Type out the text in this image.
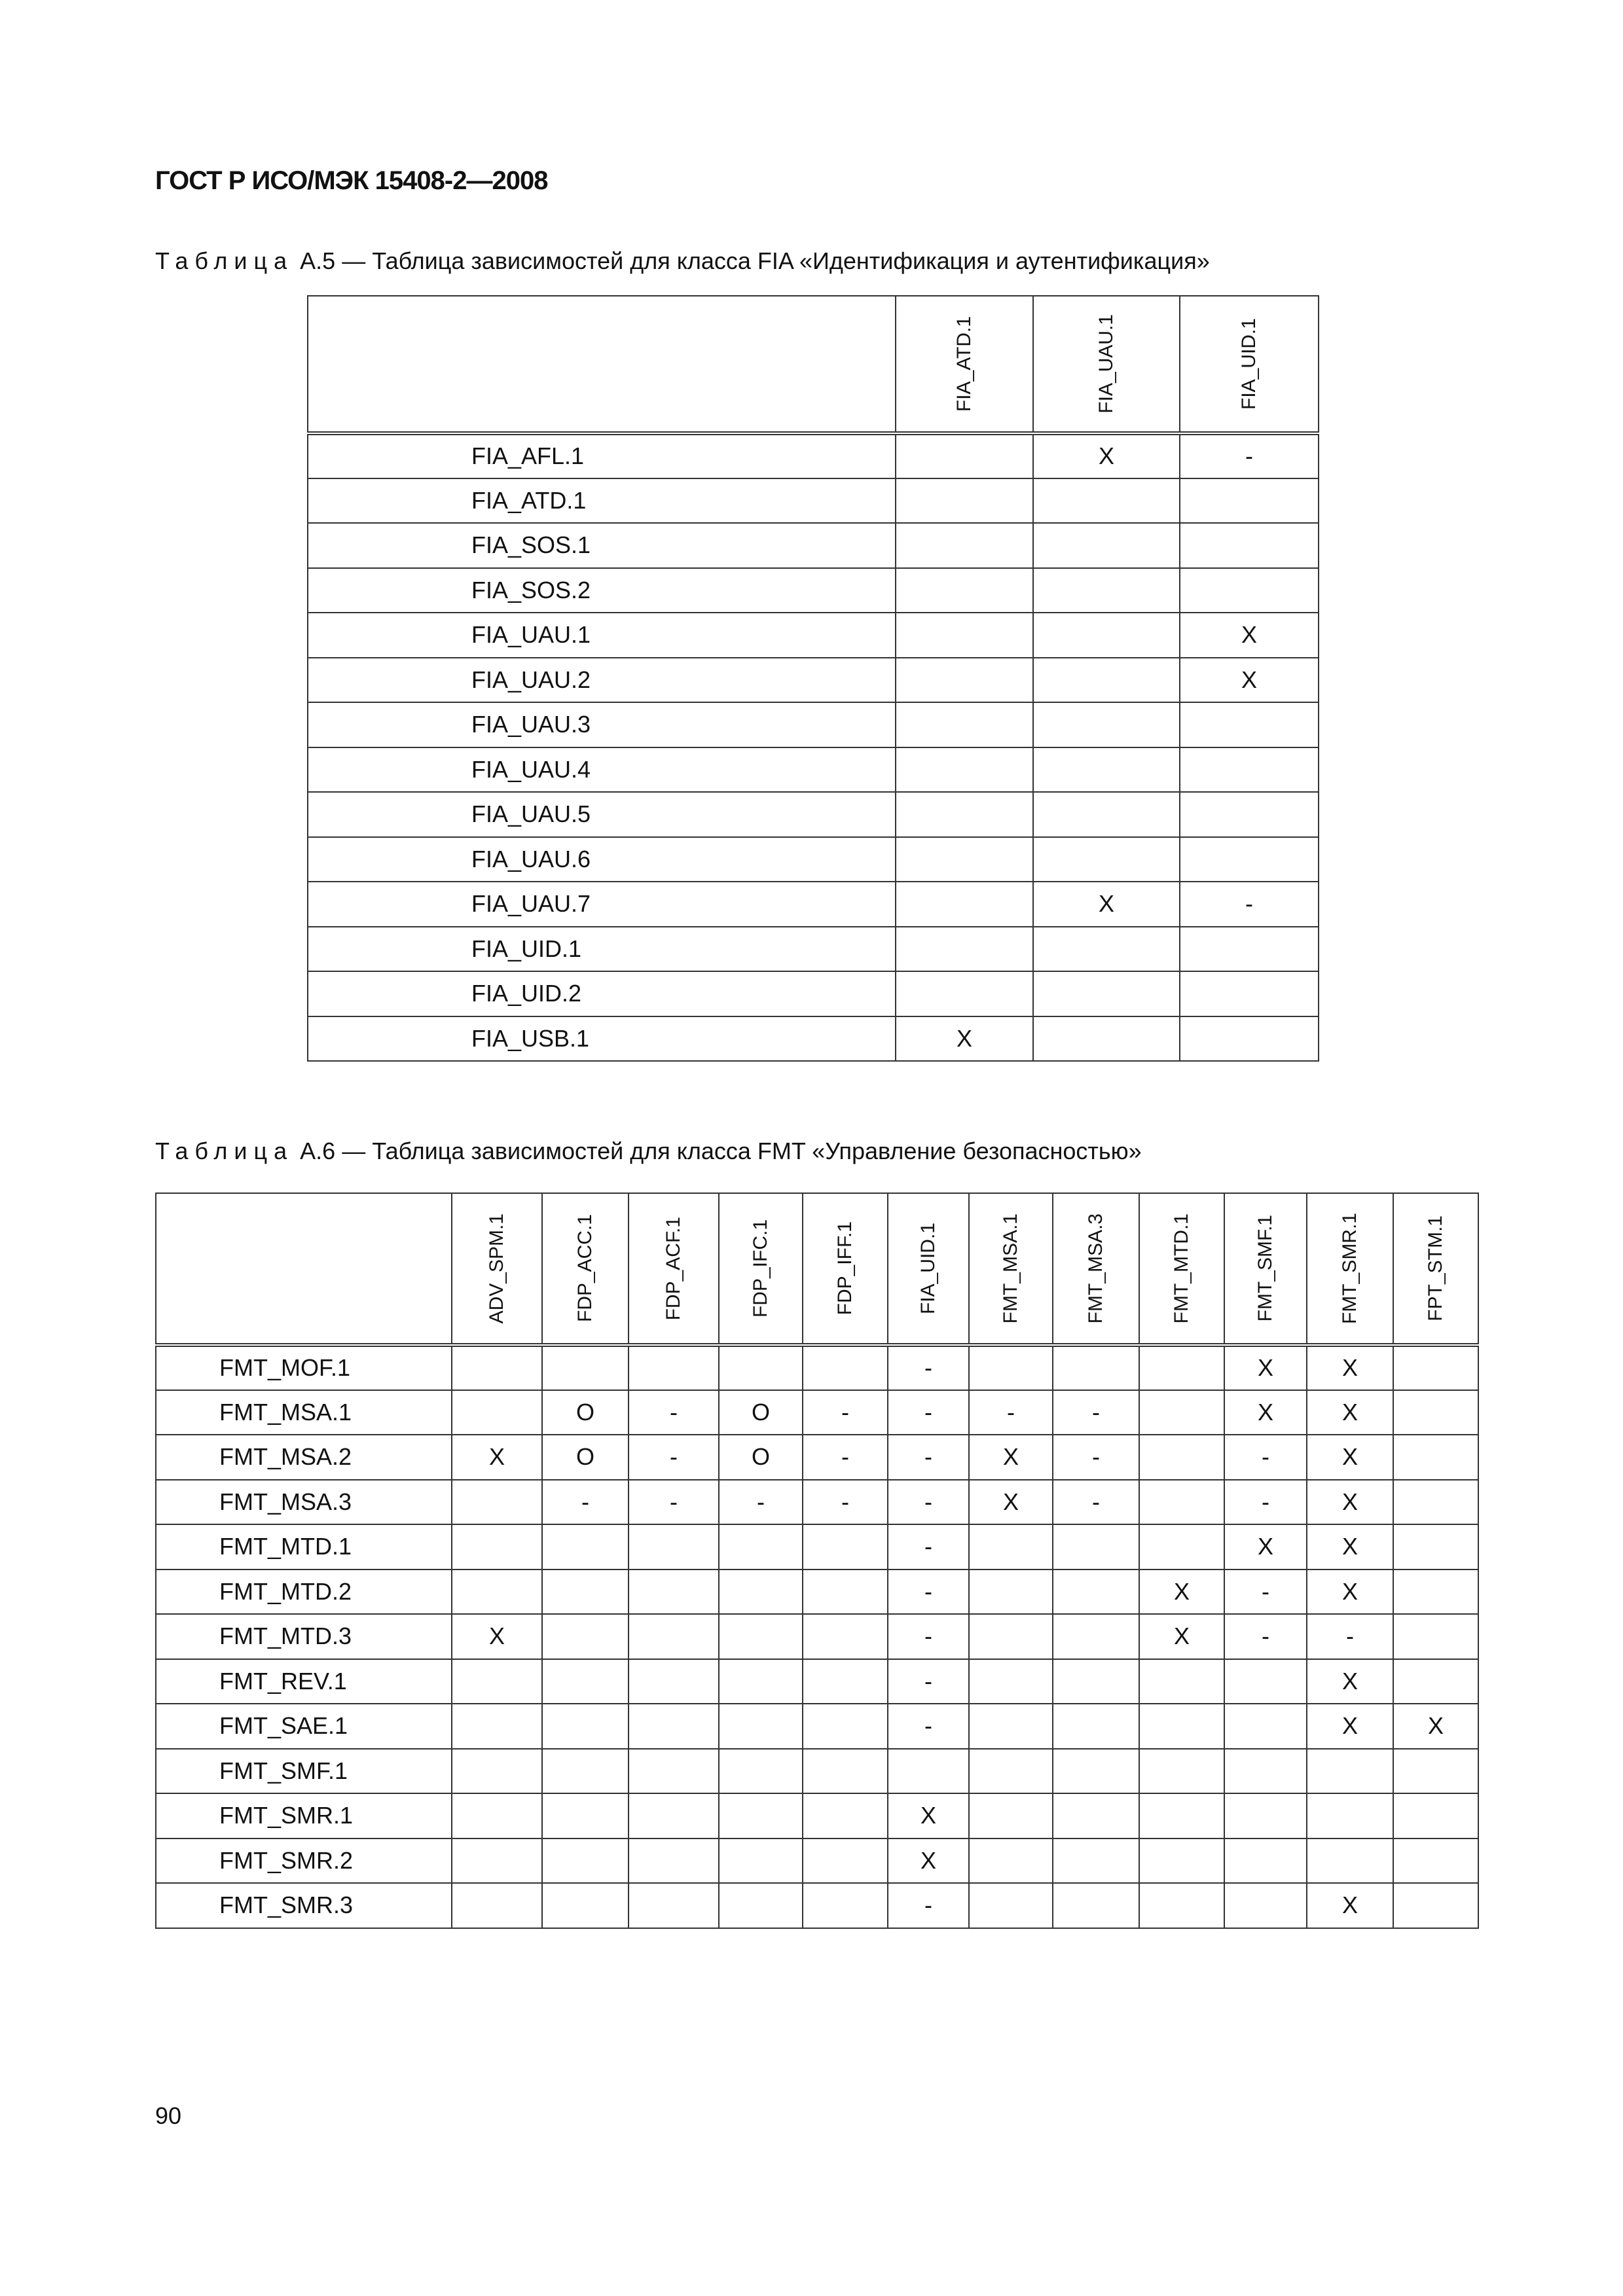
ГОСТ Р ИСО/МЭК 15408-2—2008
Таблица А.5 — Таблица зависимостей для класса FIA «Идентификация и аутентификация»

	FIA_ATD.1	FIA_UAU.1	FIA_UID.1

FIA_AFL.1		X	-
FIA_ATD.1			
FIA_SOS.1			
FIA_SOS.2			
FIA_UAU.1			X
FIA_UAU.2			X
FIA_UAU.3			
FIA_UAU.4			
FIA_UAU.5			
FIA_UAU.6			
FIA_UAU.7		X	-
FIA_UID.1			
FIA_UID.2			
FIA_USB.1	X		
Таблица А.6 — Таблица зависимостей для класса FMT «Управление безопасностью»

	ADV_SPM.1	FDP_ACC.1	FDP_ACF.1	FDP_IFC.1	FDP_IFF.1	FIA_UID.1	FMT_MSA.1	FMT_MSA.3	FMT_MTD.1	FMT_SMF.1	FMT_SMR.1	FPT_STM.1

FMT_MOF.1						-				X	X	
FMT_MSA.1		O	-	O	-	-	-	-		X	X	
FMT_MSA.2	X	O	-	O	-	-	X	-		-	X	
FMT_MSA.3		-	-	-	-	-	X	-		-	X	
FMT_MTD.1						-				X	X	
FMT_MTD.2						-			X	-	X	
FMT_MTD.3	X					-			X	-	-	
FMT_REV.1						-					X	
FMT_SAE.1						-					X	X
FMT_SMF.1												
FMT_SMR.1						X						
FMT_SMR.2						X						
FMT_SMR.3						-					X	
90
